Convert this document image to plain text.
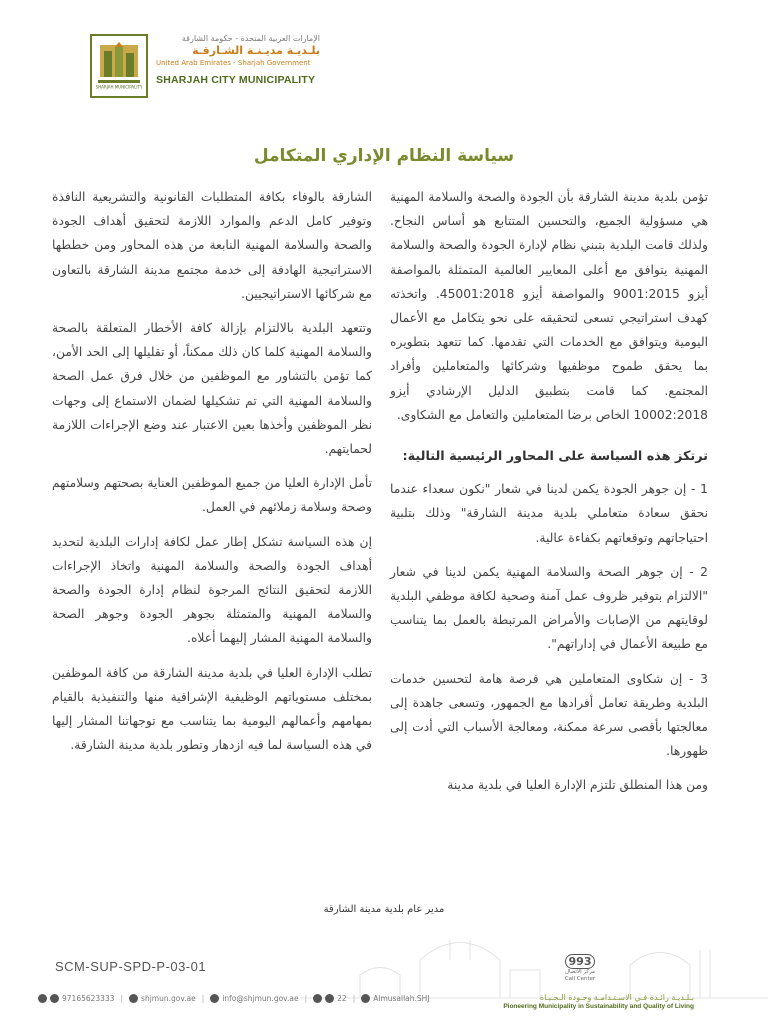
SHARJAH MUNICIPALITY
الإمارات العربية المتحدة - حكومة الشارقة
بلـديـة مديـنـة الشـارقـة
United Arab Emirates - Sharjah Government
SHARJAH CITY MUNICIPALITY
سياسة النظام الإداري المتكامل

تؤمن بلدية مدينة الشارقة بأن الجودة والصحة والسلامة المهنية هي مسؤولية الجميع، والتحسين المتتابع هو أساس النجاح. ولذلك قامت البلدية بتبني نظام لإدارة الجودة والصحة والسلامة المهنية يتوافق مع أعلى المعايير العالمية المتمثلة بالمواصفة أيزو 9001:2015 والمواصفة أيزو 45001:2018. واتخذته كهدف استراتيجي تسعى لتحقيقه على نحو يتكامل مع الأعمال اليومية ويتوافق مع الخدمات التي تقدمها. كما تتعهد بتطويره بما يحقق طموح موظفيها وشركائها والمتعاملين وأفراد المجتمع. كما قامت بتطبيق الدليل الإرشادي أيزو 10002:2018 الخاص برضا المتعاملين والتعامل مع الشكاوى.

ترتكز هذه السياسة على المحاور الرئيسية التالية:

1 - إن جوهر الجودة يكمن لدينا في شعار "نكون سعداء عندما نحقق سعادة متعاملي بلدية مدينة الشارقة" وذلك بتلبية احتياجاتهم وتوقعاتهم بكفاءة عالية.

2 - إن جوهر الصحة والسلامة المهنية يكمن لدينا في شعار "الالتزام بتوفير ظروف عمل آمنة وصحية لكافة موظفي البلدية لوقايتهم من الإصابات والأمراض المرتبطة بالعمل بما يتناسب مع طبيعة الأعمال في إداراتهم".

3 - إن شكاوى المتعاملين هي فرصة هامة لتحسين خدمات البلدية وطريقة تعامل أفرادها مع الجمهور، وتسعى جاهدة إلى معالجتها بأقصى سرعة ممكنة، ومعالجة الأسباب التي أدت إلى ظهورها.

ومن هذا المنطلق تلتزم الإدارة العليا في بلدية مدينة

الشارقة بالوفاء بكافة المتطلبات القانونية والتشريعية النافذة وتوفير كامل الدعم والموارد اللازمة لتحقيق أهداف الجودة والصحة والسلامة المهنية النابعة من هذه المحاور ومن خططها الاستراتيجية الهادفة إلى خدمة مجتمع مدينة الشارقة بالتعاون مع شركائها الاستراتيجيين.

وتتعهد البلدية بالالتزام بإزالة كافة الأخطار المتعلقة بالصحة والسلامة المهنية كلما كان ذلك ممكناً، أو تقليلها إلى الحد الأمن، كما تؤمن بالتشاور مع الموظفين من خلال فرق عمل الصحة والسلامة المهنية التي تم تشكيلها لضمان الاستماع إلى وجهات نظر الموظفين وأخذها بعين الاعتبار عند وضع الإجراءات اللازمة لحمايتهم.

تأمل الإدارة العليا من جميع الموظفين العناية بصحتهم وسلامتهم وصحة وسلامة زملائهم في العمل.

إن هذه السياسة تشكل إطار عمل لكافة إدارات البلدية لتحديد أهداف الجودة والصحة والسلامة المهنية واتخاذ الإجراءات اللازمة لتحقيق النتائج المرجوة لنظام إدارة الجودة والصحة والسلامة المهنية والمتمثلة بجوهر الجودة وجوهر الصحة والسلامة المهنية المشار إليهما أعلاه.

تطلب الإدارة العليا في بلدية مدينة الشارقة من كافة الموظفين بمختلف مستوياتهم الوظيفية الإشرافية منها والتنفيذية بالقيام بمهامهم وأعمالهم اليومية بما يتناسب مع توجهاتنا المشار إليها في هذه السياسة لما فيه ازدهار وتطور بلدية مدينة الشارقة.

مدير عام بلدية مدينة الشارقة
SCM-SUP-SPD-P-03-01	993
مركز الاتصال
Call Center
بـلـديـة رائـدة فـي الاسـتـدامـة وجـودة الـحـيـاة
Pioneering Municipality in Sustainability and Quality of Living
97165623333 | shjmun.gov.ae | info@shjmun.gov.ae |	22 | Almusallah.SHJ
